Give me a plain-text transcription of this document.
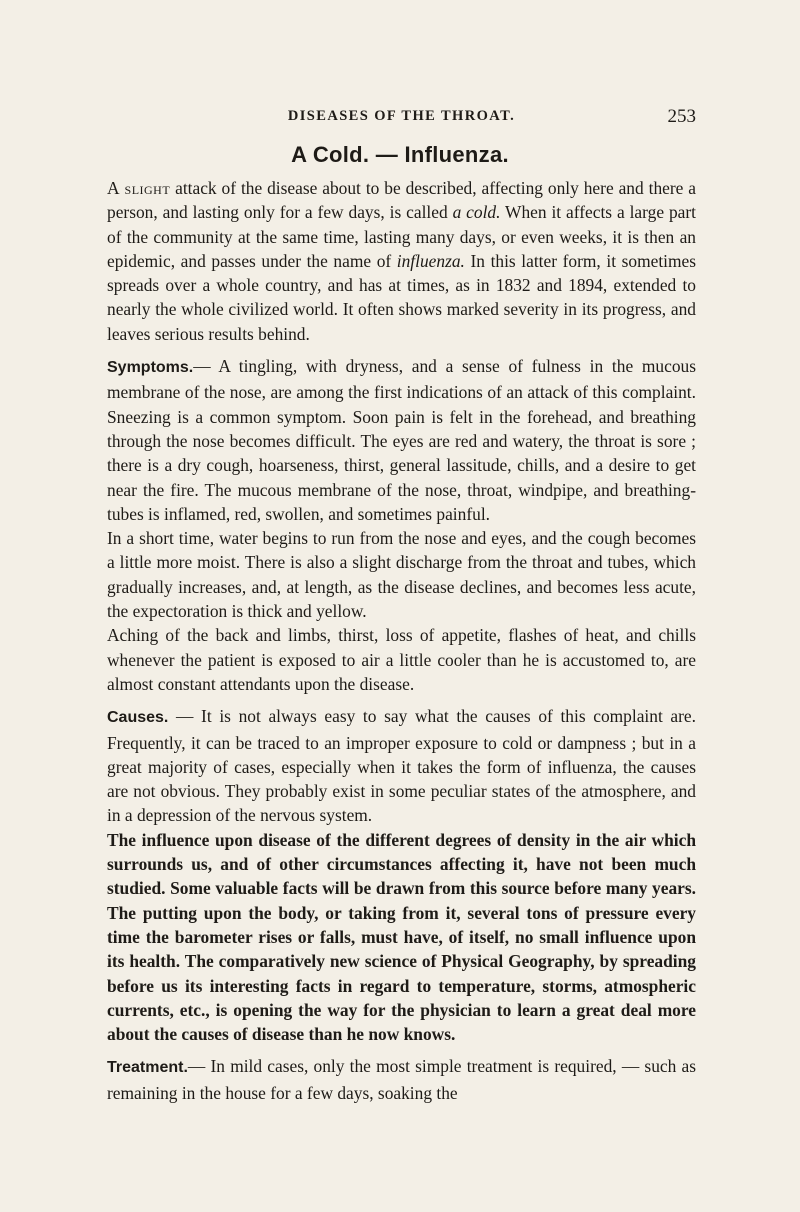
DISEASES OF THE THROAT.	253
A Cold. — Influenza.

A slight attack of the disease about to be described, affecting only here and there a person, and lasting only for a few days, is called a cold. When it affects a large part of the community at the same time, lasting many days, or even weeks, it is then an epidemic, and passes under the name of influenza. In this latter form, it sometimes spreads over a whole country, and has at times, as in 1832 and 1894, extended to nearly the whole civilized world. It often shows marked severity in its progress, and leaves serious results behind.

Symptoms.— A tingling, with dryness, and a sense of fulness in the mucous membrane of the nose, are among the first indications of an attack of this complaint. Sneezing is a common symptom. Soon pain is felt in the forehead, and breathing through the nose becomes difficult. The eyes are red and watery, the throat is sore ; there is a dry cough, hoarseness, thirst, general lassitude, chills, and a desire to get near the fire. The mucous membrane of the nose, throat, windpipe, and breathing-tubes is inflamed, red, swollen, and sometimes painful.

In a short time, water begins to run from the nose and eyes, and the cough becomes a little more moist. There is also a slight discharge from the throat and tubes, which gradually increases, and, at length, as the disease declines, and becomes less acute, the expectoration is thick and yellow.

Aching of the back and limbs, thirst, loss of appetite, flashes of heat, and chills whenever the patient is exposed to air a little cooler than he is accustomed to, are almost constant attendants upon the disease.

Causes. — It is not always easy to say what the causes of this complaint are. Frequently, it can be traced to an improper exposure to cold or dampness ; but in a great majority of cases, especially when it takes the form of influenza, the causes are not obvious. They probably exist in some peculiar states of the atmosphere, and in a depression of the nervous system.

The influence upon disease of the different degrees of density in the air which surrounds us, and of other circumstances affecting it, have not been much studied. Some valuable facts will be drawn from this source before many years. The putting upon the body, or taking from it, several tons of pressure every time the barometer rises or falls, must have, of itself, no small influence upon its health. The comparatively new science of Physical Geography, by spreading before us its interesting facts in regard to temperature, storms, atmospheric currents, etc., is opening the way for the physician to learn a great deal more about the causes of disease than he now knows.

Treatment.— In mild cases, only the most simple treatment is required, — such as remaining in the house for a few days, soaking the
